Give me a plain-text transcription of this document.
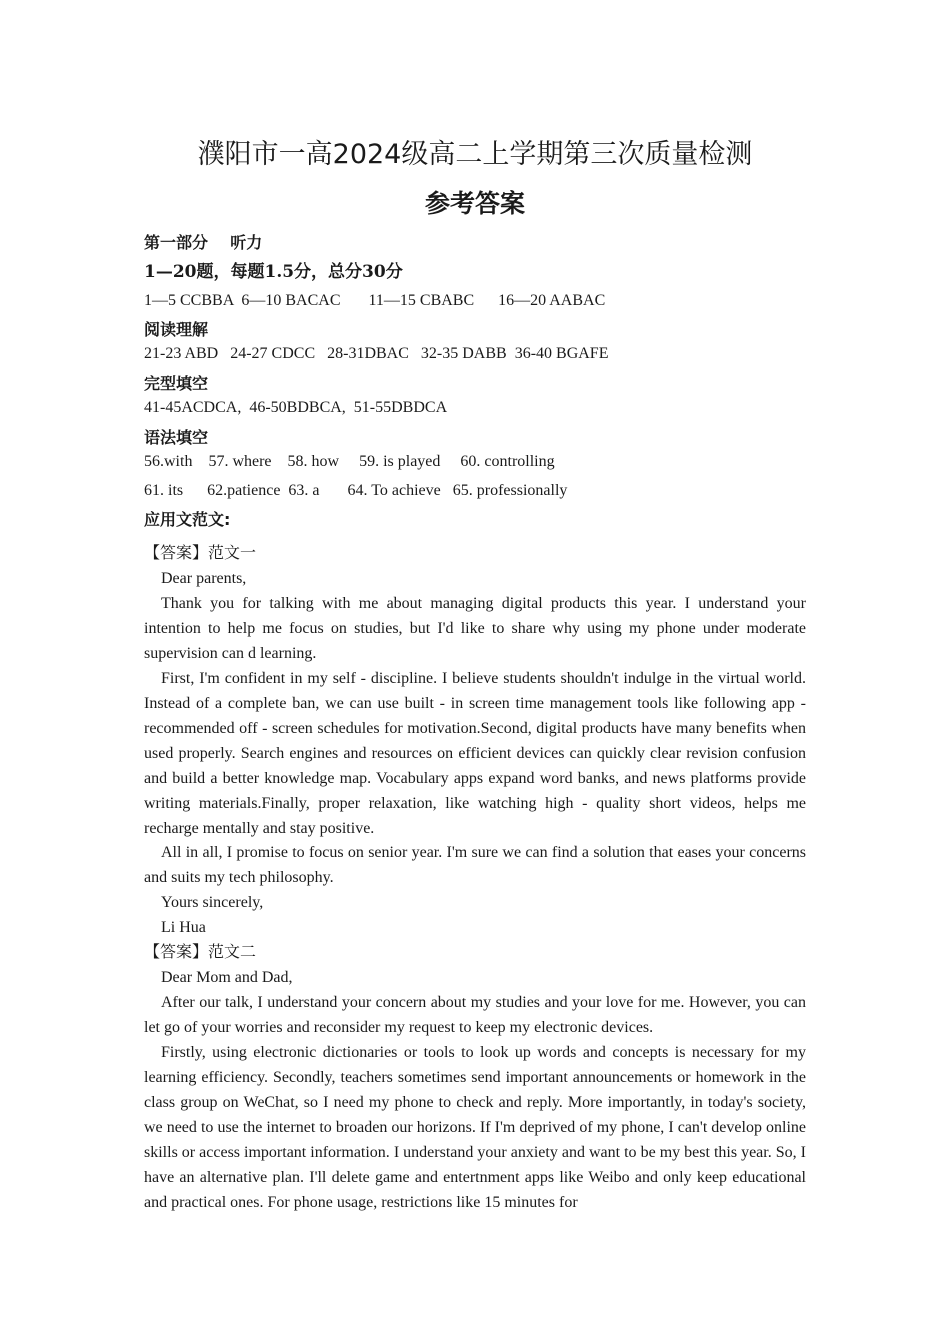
濮阳市一高2024级高二上学期第三次质量检测
参考答案
第一部分    听力
1—20题，每题1.5分，总分30分
1—5 CCBBA  6—10 BACAC       11—15 CBABC      16—20 AABAC
阅读理解
21-23 ABD   24-27 CDCC   28-31DBAC   32-35 DABB  36-40 BGAFE
完型填空
41-45ACDCA,  46-50BDBCA,  51-55DBDCA
语法填空
56.with    57. where    58. how     59. is played     60. controlling
61. its      62.patience  63. a       64. To achieve   65. professionally
应用文范文:
【答案】范文一
Dear parents,

Thank you for talking with me about managing digital products this year. I understand your intention to help me focus on studies, but I'd like to share why using my phone under moderate supervision can d learning.

First, I'm confident in my self - discipline. I believe students shouldn't indulge in the virtual world. Instead of a complete ban, we can use built - in screen time management tools like following app - recommended off - screen schedules for motivation.Second, digital products have many benefits when used properly. Search engines and resources on efficient devices can quickly clear revision confusion and build a better knowledge map. Vocabulary apps expand word banks, and news platforms provide writing materials.Finally, proper relaxation, like watching high - quality short videos, helps me recharge mentally and stay positive.

All in all, I promise to focus on senior year. I'm sure we can find a solution that eases your concerns and suits my tech philosophy.

Yours sincerely,
Li Hua
【答案】范文二
Dear Mom and Dad,

After our talk, I understand your concern about my studies and your love for me. However, you can let go of your worries and reconsider my request to keep my electronic devices.

Firstly, using electronic dictionaries or tools to look up words and concepts is necessary for my learning efficiency. Secondly, teachers sometimes send important announcements or homework in the class group on WeChat, so I need my phone to check and reply. More importantly, in today's society, we need to use the internet to broaden our horizons. If I'm deprived of my phone, I can't develop online skills or access important information. I understand your anxiety and want to be my best this year. So, I have an alternative plan. I'll delete game and entertnment apps like Weibo and only keep educational and practical ones. For phone usage, restrictions like 15 minutes for
